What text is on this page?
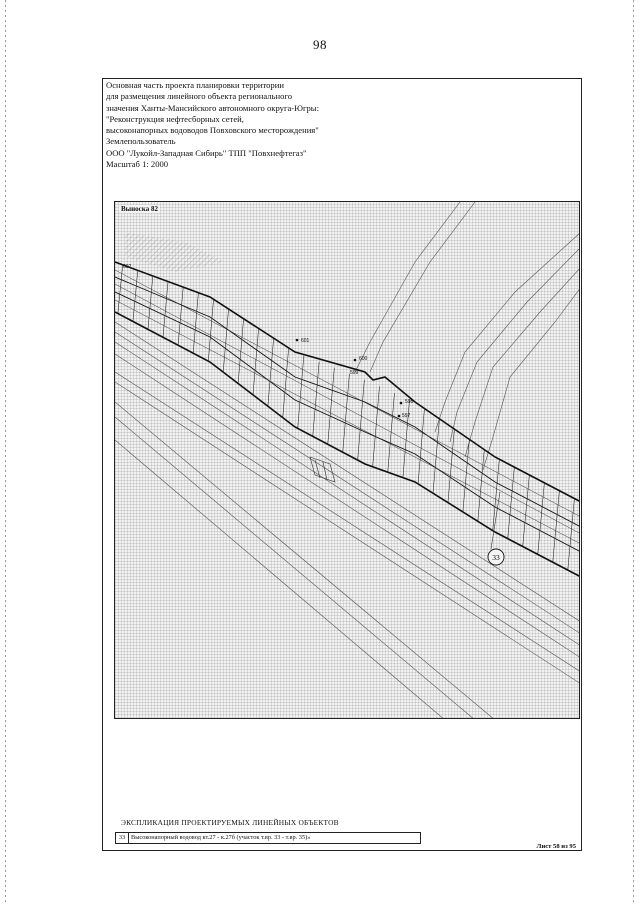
98
Основная часть проекта планировки территории
для размещения линейного объекта регионального
значения Ханты-Мансийского автономного округа-Югры:
"Реконструкция нефтесборных сетей,
высоконапорных водоводов Повховского месторождения"
Землепользователь
ООО "Лукойл-Западная Сибирь" ТПП "Повхнефтегаз"
Масштаб 1: 2000
601
600
599
598
597
602
33
Выноска 82
ЭКСПЛИКАЦИЯ ПРОЕКТИРУЕМЫХ ЛИНЕЙНЫХ ОБЪЕКТОВ
33 Высоконапорный водовод кт.27 - к.27б (участок т.вр. 33 - т.вр. 35)»
Лист 58 из 95
